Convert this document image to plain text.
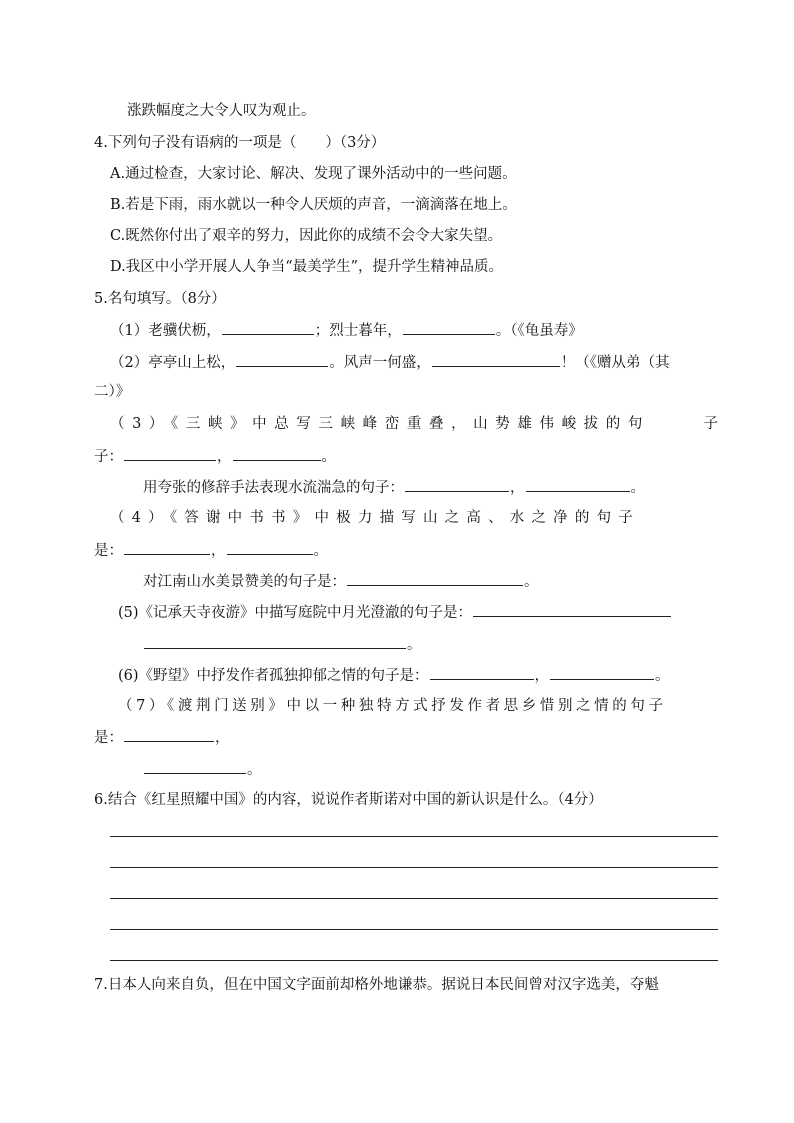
涨跌幅度之大令人叹为观止。
4.下列句子没有语病的一项是（　　）（3分）
A.通过检查，大家讨论、解决、发现了课外活动中的一些问题。
B.若是下雨，雨水就以一种令人厌烦的声音，一滴滴落在地上。
C.既然你付出了艰辛的努力，因此你的成绩不会令大家失望。
D.我区中小学开展人人争当“最美学生”，提升学生精神品质。
5.名句填写。（8分）
（1）老骥伏枥，	；烈士暮年，	。（《龟虽寿》
（2）亭亭山上松，	。风声一何盛，	！（《赠从弟（其
二）》
（3）《三峡》中总写三峡峰峦重叠，山势雄伟峻拔的句	子
子：	，	。
用夸张的修辞手法表现水流湍急的句子：	，	。
（4）《答谢中书书》中极力描写山之高、水之净的句子
是：	，	。
对江南山水美景赞美的句子是：	。
(5)《记承天寺夜游》中描写庭院中月光澄澈的句子是：
。
(6)《野望》中抒发作者孤独抑郁之情的句子是：	，	。
（7）《渡荆门送别》中以一种独特方式抒发作者思乡惜别之情的句子
是：	，
。
6.结合《红星照耀中国》的内容，说说作者斯诺对中国的新认识是什么。（4分）
7.日本人向来自负，但在中国文字面前却格外地谦恭。据说日本民间曾对汉字选美，夺魁
